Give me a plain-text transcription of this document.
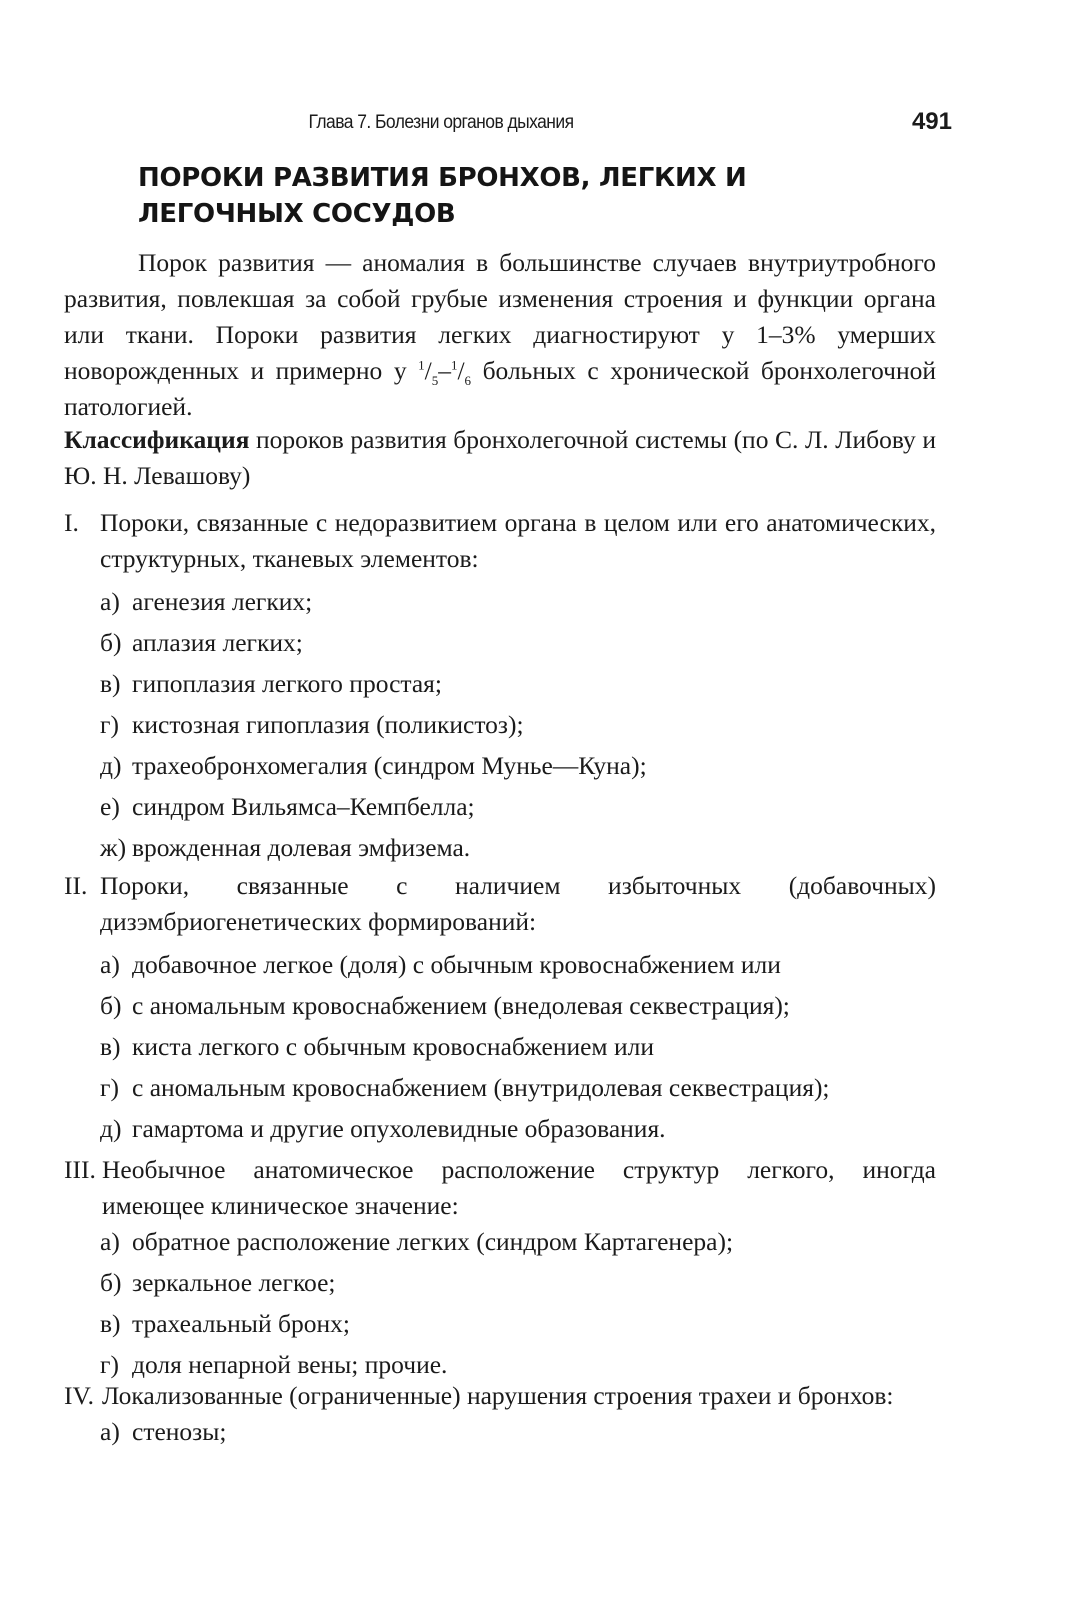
Глава 7. Болезни органов дыхания	491
ПОРОКИ РАЗВИТИЯ БРОНХОВ, ЛЕГКИХ И ЛЕГОЧНЫХ СОСУДОВ

Порок развития — аномалия в большинстве случаев внутриутробного развития, повлекшая за собой грубые изменения строения и функции органа или ткани. Пороки развития легких диагностируют у 1–3% умерших новорожденных и примерно у $^1/_5-^1/_6$ больных с хронической бронхолегочной патологией.

Классификация пороков развития бронхолегочной системы (по С. Л. Либову и Ю. Н. Левашову)

I. Пороки, связанные с недоразвитием органа в целом или его анатомических, структурных, тканевых элементов:
а) агенезия легких;
б) аплазия легких;
в) гипоплазия легкого простая;
г) кистозная гипоплазия (поликистоз);
д) трахеобронхомегалия (синдром Мунье—Куна);
е) синдром Вильямса–Кемпбелла;
ж) врожденная долевая эмфизема.
II. Пороки, связанные с наличием избыточных (добавочных) дизэмбриогенетических формирований:
а) добавочное легкое (доля) с обычным кровоснабжением или
б) с аномальным кровоснабжением (внедолевая секвестрация);
в) киста легкого с обычным кровоснабжением или
г) с аномальным кровоснабжением (внутридолевая секвестрация);
д) гамартома и другие опухолевидные образования.
III. Необычное анатомическое расположение структур легкого, иногда имеющее клиническое значение:
а) обратное расположение легких (синдром Картагенера);
б) зеркальное легкое;
в) трахеальный бронх;
г) доля непарной вены; прочие.
IV. Локализованные (ограниченные) нарушения строения трахеи и бронхов:
а) стенозы;
